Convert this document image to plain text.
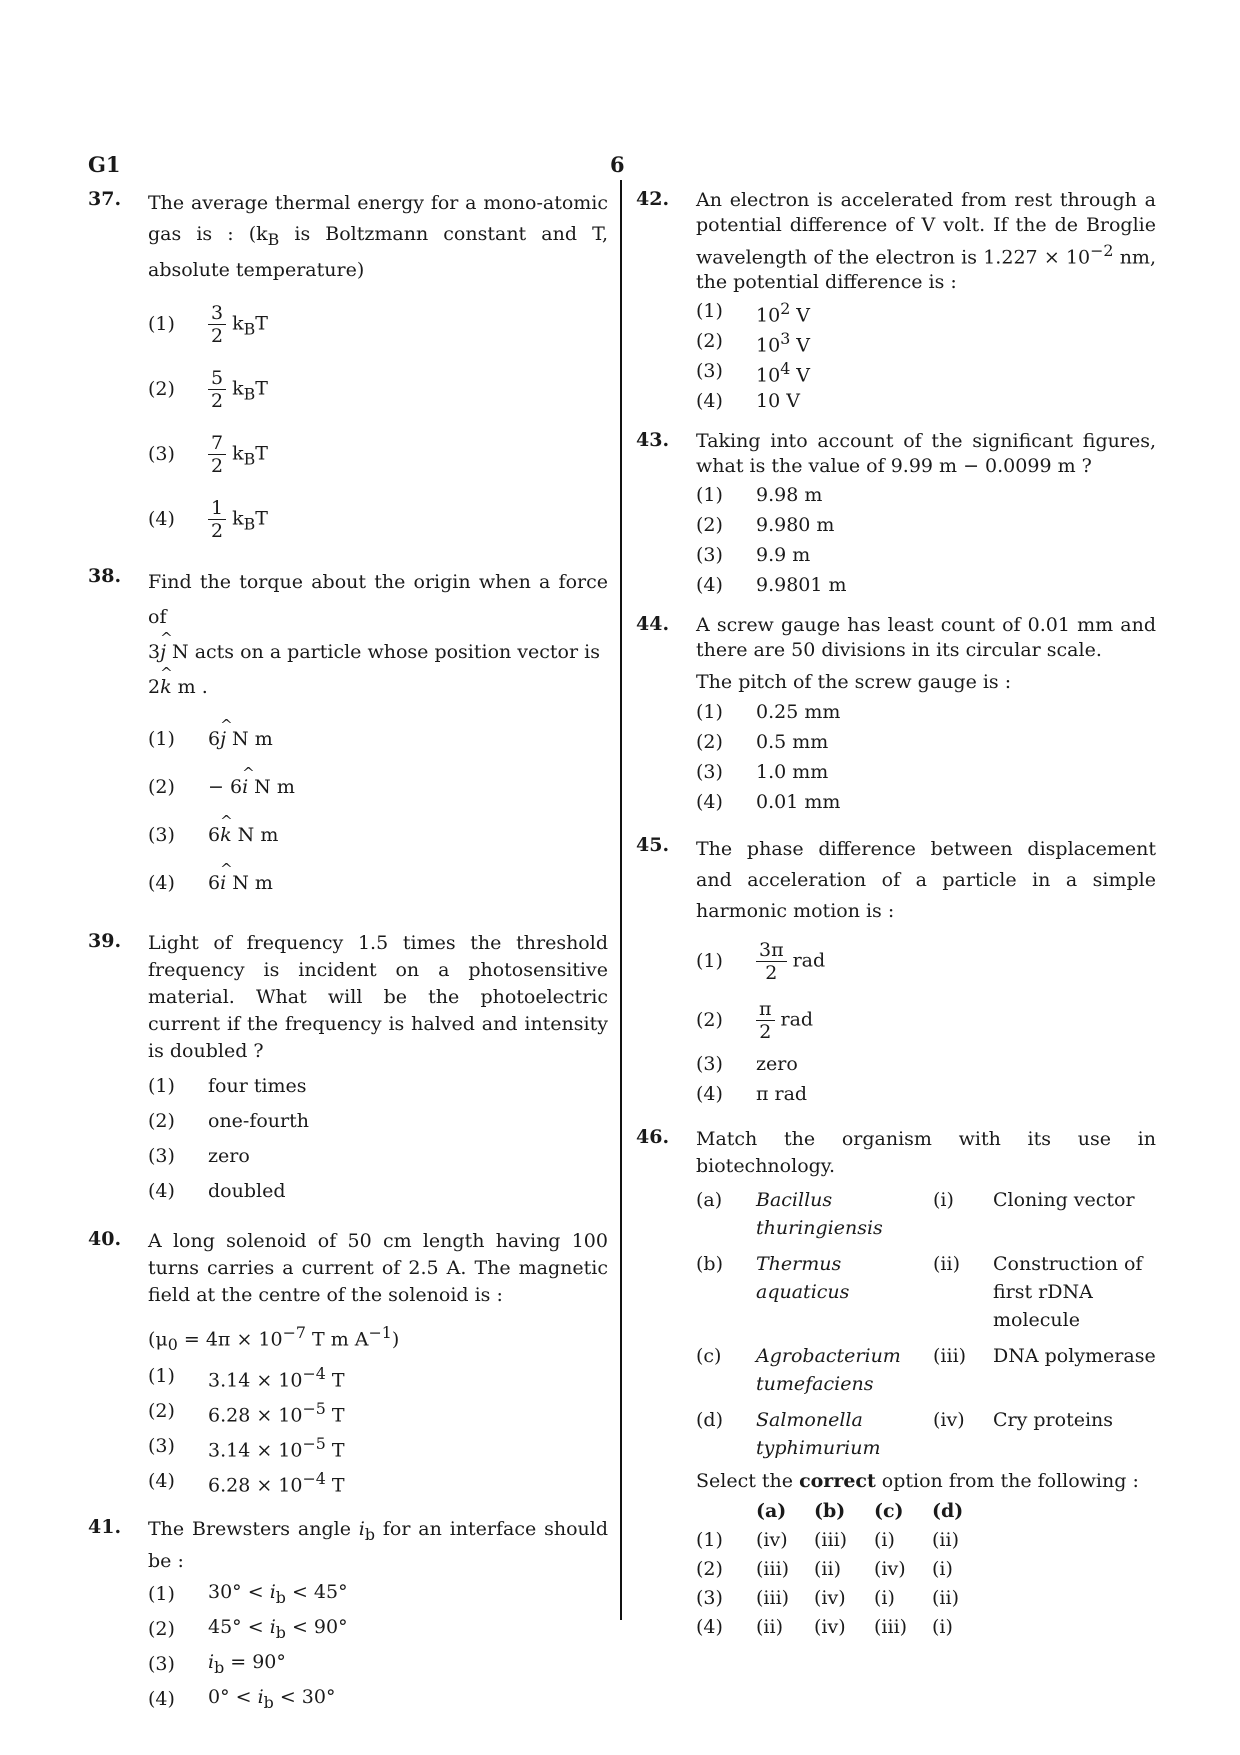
G1	6
37.	The average thermal energy for a mono-atomic gas is : ($k_B$ is Boltzmann constant and T, absolute temperature)
(1)	$\frac{3}{2} k_BT$
(2)	$\frac{5}{2} k_BT$
(3)	$\frac{7}{2} k_BT$
(4)	$\frac{1}{2} k_BT$
38.	Find the torque about the origin when a force of
3^ j N acts on a particle whose position vector is
2^ k m .
(1)	6^ j N m
(2)	− 6^ i N m
(3)	6^ k N m
(4)	6^ i N m
39.	Light of frequency 1.5 times the threshold frequency is incident on a photosensitive material. What will be the photoelectric current if the frequency is halved and intensity is doubled ?
(1)	four times
(2)	one-fourth
(3)	zero
(4)	doubled
40.	A long solenoid of 50 cm length having 100 turns carries a current of 2.5 A. The magnetic field at the centre of the solenoid is :
($\mu_0 = 4\pi \times 10^{-7}$ T m $A^{-1}$)
(1)	$3.14 \times 10^{-4}$ T
(2)	$6.28 \times 10^{-5}$ T
(3)	$3.14 \times 10^{-5}$ T
(4)	$6.28 \times 10^{-4}$ T
41.	The Brewsters angle $i_b$ for an interface should be :
(1)	$30^\circ < i_b < 45^\circ$
(2)	$45^\circ < i_b < 90^\circ$
(3)	$i_b = 90^\circ$
(4)	$0^\circ < i_b < 30^\circ$
42.	An electron is accelerated from rest through a potential difference of V volt. If the de Broglie wavelength of the electron is $1.227 \times 10^{-2}$ nm, the potential difference is :
(1)	$10^2$ V
(2)	$10^3$ V
(3)	$10^4$ V
(4)	10 V
43.	Taking into account of the significant figures, what is the value of 9.99 m − 0.0099 m ?
(1)	9.98 m
(2)	9.980 m
(3)	9.9 m
(4)	9.9801 m
44.	A screw gauge has least count of 0.01 mm and there are 50 divisions in its circular scale.
The pitch of the screw gauge is :
(1)	0.25 mm
(2)	0.5 mm
(3)	1.0 mm
(4)	0.01 mm
45.	The phase difference between displacement and acceleration of a particle in a simple harmonic motion is :
(1)	$\frac{3\pi}{2}$ rad
(2)	$\frac{\pi}{2}$ rad
(3)	zero
(4)	π rad
46.	Match the organism with its use in biotechnology.
(a)	Bacillus thuringiensis	(i)	Cloning vector
(b)	Thermus aquaticus	(ii)	Construction of first rDNA molecule
(c)	Agrobacterium tumefaciens	(iii)	DNA polymerase
(d)	Salmonella typhimurium	(iv)	Cry proteins
Select the correct option from the following :
	(a)	(b)	(c)	(d)
(1)	(iv)	(iii)	(i)	(ii)
(2)	(iii)	(ii)	(iv)	(i)
(3)	(iii)	(iv)	(i)	(ii)
(4)	(ii)	(iv)	(iii)	(i)
